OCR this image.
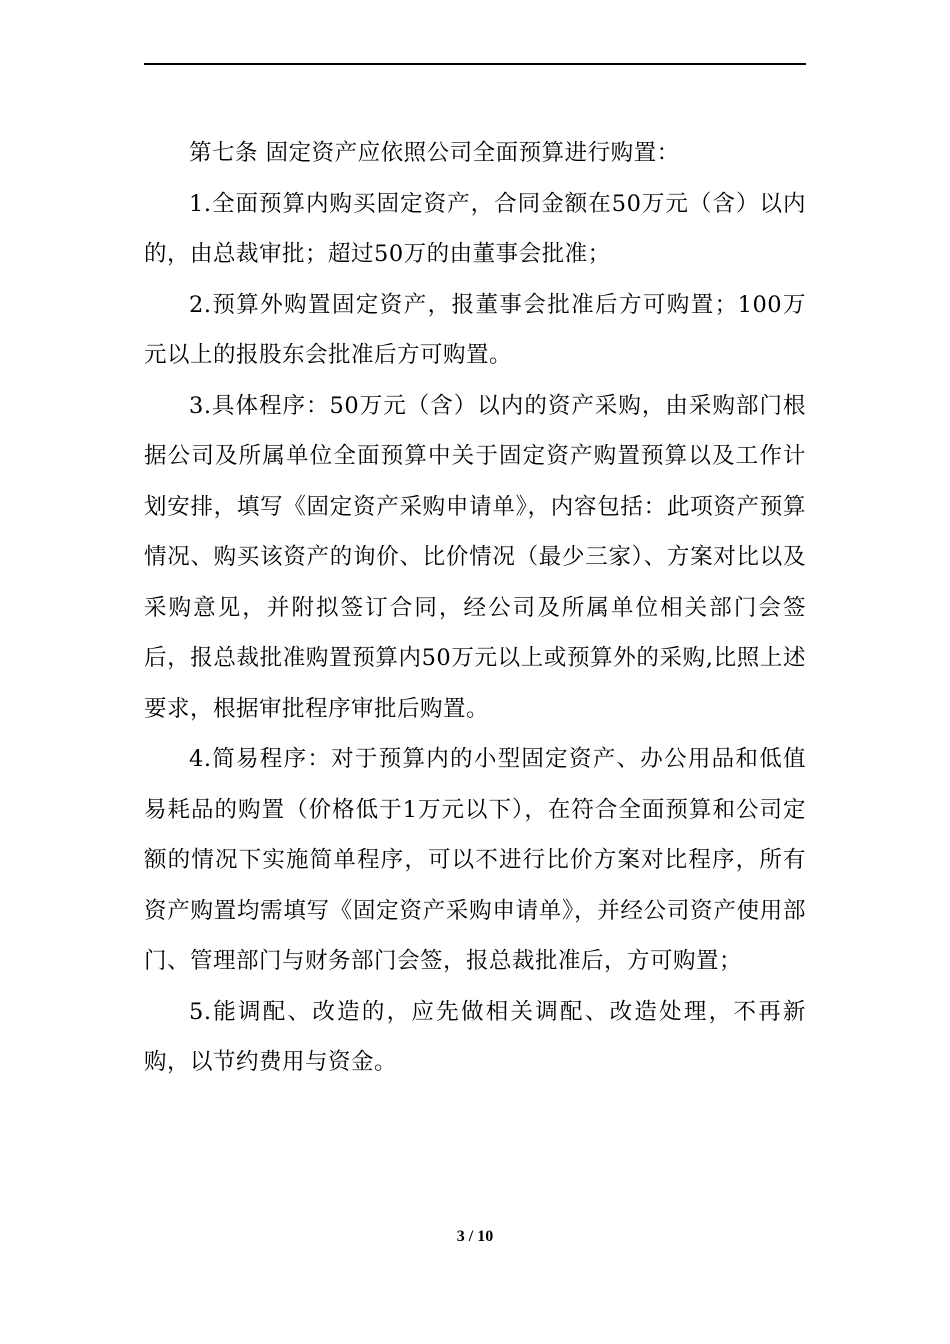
第七条 固定资产应依照公司全面预算进行购置：

1.全面预算内购买固定资产，合同金额在50万元（含）以内的，由总裁审批；超过50万的由董事会批准；

2.预算外购置固定资产，报董事会批准后方可购置；100万元以上的报股东会批准后方可购置。

3.具体程序：50万元（含）以内的资产采购，由采购部门根据公司及所属单位全面预算中关于固定资产购置预算以及工作计划安排，填写《固定资产采购申请单》，内容包括：此项资产预算情况、购买该资产的询价、比价情况（最少三家）、方案对比以及采购意见，并附拟签订合同，经公司及所属单位相关部门会签后，报总裁批准购置预算内50万元以上或预算外的采购,比照上述要求，根据审批程序审批后购置。

4.简易程序：对于预算内的小型固定资产、办公用品和低值易耗品的购置（价格低于1万元以下），在符合全面预算和公司定额的情况下实施简单程序，可以不进行比价方案对比程序，所有资产购置均需填写《固定资产采购申请单》，并经公司资产使用部门、管理部门与财务部门会签，报总裁批准后，方可购置；

5.能调配、改造的，应先做相关调配、改造处理，不再新购，以节约费用与资金。

3 / 10
